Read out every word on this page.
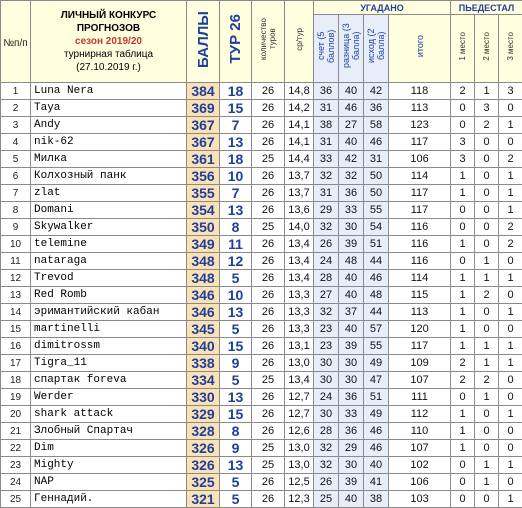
№п/п	ЛИЧНЫЙ КОНКУРС
ПРОГНОЗОВ
сезон 2019/20
турнирная таблица
(27.10.2019 г.)	БАЛЛЫ	ТУР 26	количество туров	ср/тур	УГАДАНО				ПЬЕДЕСТАЛ		
						счет (5 баллов)	разница (3 балла)	исход (2 балла)	итого	1 место	2 место	3 место
1	Luna Nera	384	18	26	14,8	36	40	42	118	2	1	3
2	Taya	369	15	26	14,2	31	46	36	113	0	3	0
3	Andy	367	7	26	14,1	38	27	58	123	0	2	1
4	nik-62	367	13	26	14,1	31	40	46	117	3	0	0
5	Милка	361	18	25	14,4	33	42	31	106	3	0	2
6	Колхозный панк	356	10	26	13,7	32	32	50	114	1	0	1
7	zlat	355	7	26	13,7	31	36	50	117	1	0	1
8	Domani	354	13	26	13,6	29	33	55	117	0	0	1
9	Skywalker	350	8	25	14,0	32	30	54	116	0	0	2
10	telemine	349	11	26	13,4	26	39	51	116	1	0	2
11	nataraga	348	12	26	13,4	24	48	44	116	0	1	0
12	Trevod	348	5	26	13,4	28	40	46	114	1	1	1
13	Red Romb	346	10	26	13,3	27	40	48	115	1	2	0
14	эримантийский кабан	346	13	26	13,3	32	37	44	113	1	0	1
15	martinelli	345	5	26	13,3	23	40	57	120	1	0	0
16	dimitrossm	340	15	26	13,1	23	39	55	117	1	1	1
17	Tigra_11	338	9	26	13,0	30	30	49	109	2	1	1
18	спартак foreva	334	5	25	13,4	30	30	47	107	2	2	0
19	Werder	330	13	26	12,7	24	36	51	111	0	1	0
20	shark attack	329	15	26	12,7	30	33	49	112	1	0	1
21	Злобный Спартач	328	8	26	12,6	28	36	46	110	1	0	0
22	Dim	326	9	25	13,0	32	29	46	107	1	0	0
23	Mighty	326	13	25	13,0	32	30	40	102	0	1	1
24	NAP	325	5	26	12,5	26	39	41	106	0	1	0
25	Геннадий.	321	5	26	12,3	25	40	38	103	0	0	1
